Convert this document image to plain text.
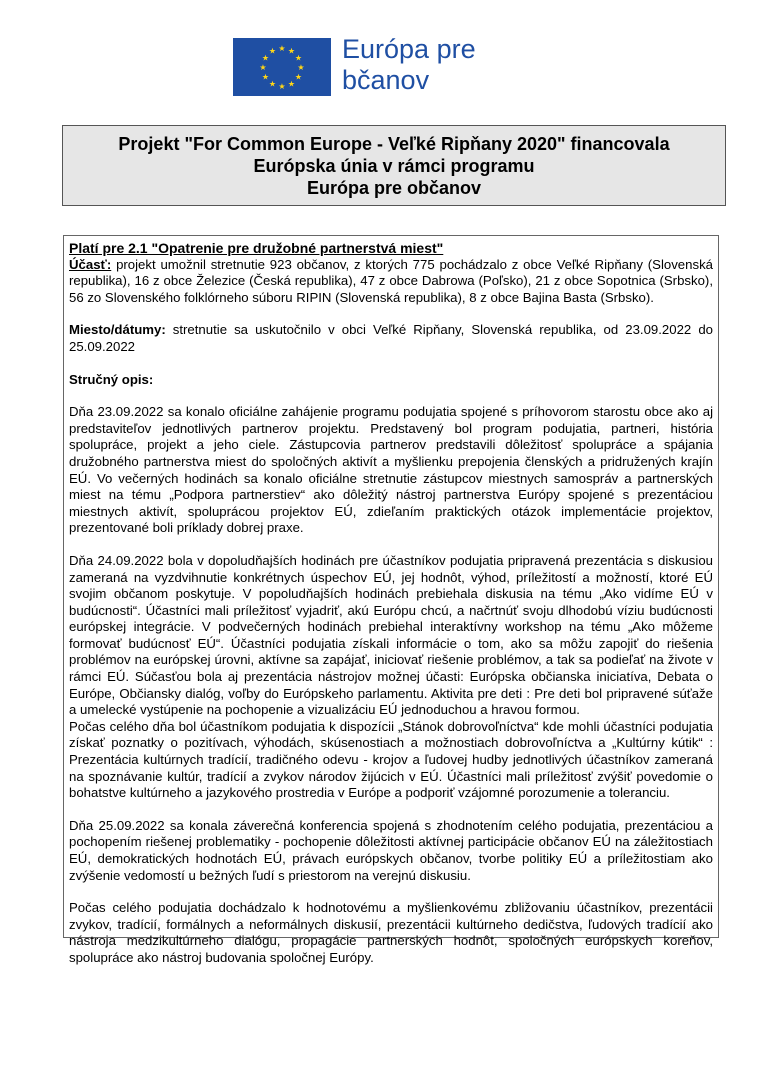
★ ★
★
★
★
★
★
★
★
★
★
★ Európa pre
bčanov
Projekt "For Common Europe - Veľké Ripňany 2020" financovala
Európska únia v rámci programu
Európa pre občanov

Platí pre 2.1 "Opatrenie pre družobné partnerstvá miest"

Účasť: projekt umožnil stretnutie 923 občanov, z ktorých 775 pochádzalo z obce Veľké Ripňany (Slovenská republika), 16 z obce Železice (Česká republika), 47 z obce Dabrowa (Poľsko), 21 z obce Sopotnica (Srbsko), 56 zo Slovenského folklórneho súboru RIPIN (Slovenská republika), 8 z obce Bajina Basta (Srbsko).

Miesto/dátumy: stretnutie sa uskutočnilo v obci Veľké Ripňany, Slovenská republika, od 23.09.2022 do 25.09.2022

Stručný opis:

Dňa 23.09.2022 sa konalo oficiálne zahájenie programu podujatia spojené s príhovorom starostu obce ako aj predstaviteľov jednotlivých partnerov projektu. Predstavený bol program podujatia, partneri, história spolupráce, projekt a jeho ciele. Zástupcovia partnerov predstavili dôležitosť spolupráce a spájania družobného partnerstva miest do spoločných aktivít a myšlienku prepojenia členských a pridružených krajín EÚ. Vo večerných hodinách sa konalo oficiálne stretnutie zástupcov miestnych samospráv a partnerských miest na tému „Podpora partnerstiev“ ako dôležitý nástroj partnerstva Európy spojené s prezentáciou miestnych aktivít, spoluprácou projektov EÚ, zdieľaním praktických otázok implementácie projektov, prezentované boli príklady dobrej praxe.

Dňa 24.09.2022 bola v dopoludňajších hodinách pre účastníkov podujatia pripravená prezentácia s diskusiou zameraná na vyzdvihnutie konkrétnych úspechov EÚ, jej hodnôt, výhod, príležitostí a možností, ktoré EÚ svojim občanom poskytuje. V popoludňajších hodinách prebiehala diskusia na tému „Ako vidíme EÚ v budúcnosti“. Účastníci mali príležitosť vyjadriť, akú Európu chcú, a načrtnúť svoju dlhodobú víziu budúcnosti európskej integrácie. V podvečerných hodinách prebiehal interaktívny workshop na tému „Ako môžeme formovať budúcnosť EÚ“. Účastníci podujatia získali informácie o tom, ako sa môžu zapojiť do riešenia problémov na európskej úrovni, aktívne sa zapájať, iniciovať riešenie problémov, a tak sa podieľať na živote v rámci EÚ. Súčasťou bola aj prezentácia nástrojov možnej účasti: Európska občianska iniciatíva, Debata o Európe, Občiansky dialóg, voľby do Európskeho parlamentu. Aktivita pre deti : Pre deti bol pripravené súťaže a umelecké vystúpenie na pochopenie a vizualizáciu EÚ jednoduchou a hravou formou.

Počas celého dňa bol účastníkom podujatia k dispozícii „Stánok dobrovoľníctva“ kde mohli účastníci podujatia získať poznatky o pozitívach, výhodách, skúsenostiach a možnostiach dobrovoľníctva a „Kultúrny kútik“ : Prezentácia kultúrnych tradícií, tradičného odevu - krojov a ľudovej hudby jednotlivých účastníkov zameraná na spoznávanie kultúr, tradícií a zvykov národov žijúcich v EÚ. Účastníci mali príležitosť zvýšiť povedomie o bohatstve kultúrneho a jazykového prostredia v Európe a podporiť vzájomné porozumenie a toleranciu.

Dňa 25.09.2022 sa konala záverečná konferencia spojená s zhodnotením celého podujatia, prezentáciou a pochopením riešenej problematiky - pochopenie dôležitosti aktívnej participácie občanov EÚ na záležitostiach EÚ, demokratických hodnotách EÚ, právach európskych občanov, tvorbe politiky EÚ a príležitostiam ako zvýšenie vedomostí u bežných ľudí s priestorom na verejnú diskusiu.

Počas celého podujatia dochádzalo k hodnotovému a myšlienkovému zbližovaniu účastníkov, prezentácii zvykov, tradícií, formálnych a neformálnych diskusií, prezentácii kultúrneho dedičstva, ľudových tradícií ako nástroja medzikultúrneho dialógu, propagácie partnerských hodnôt, spoločných európskych koreňov, spolupráce ako nástroj budovania spoločnej Európy.
